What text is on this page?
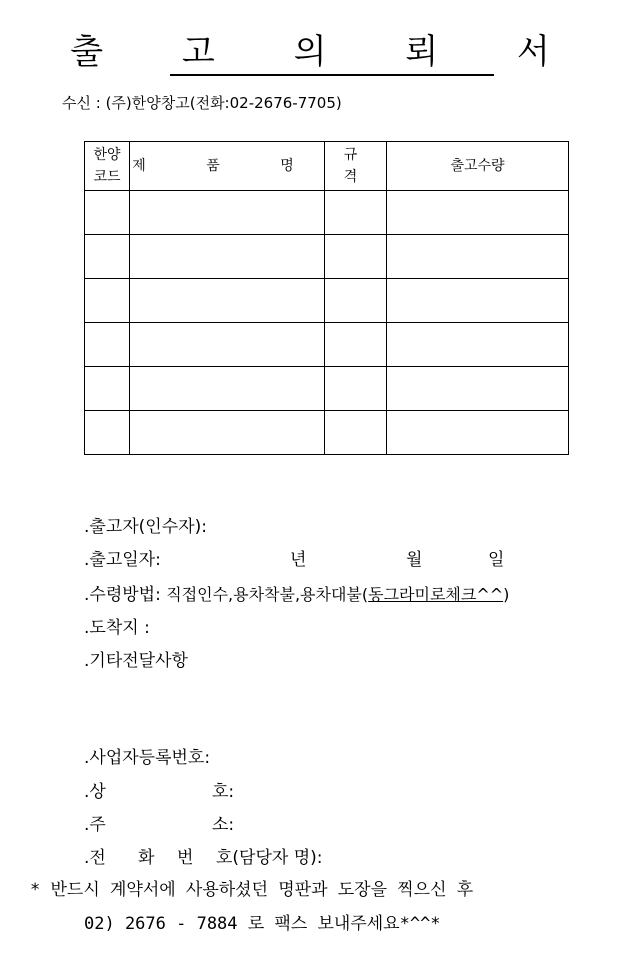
출 고 의 뢰 서
수신 : (주)한양창고(전화:02-2676-7705)
한양
코드	제 품 명	규 격	출고수량

.출고자(인수자):
.출고일자:	년	월	일
.수령방법: 직접인수,용차착불,용차대불(동그라미로체크^^)
.도착지 :
.기타전달사항
.사업자등록번호:
.상	호:
.주	소:
.전 화 번 호(담당자 명):
* 반드시 계약서에 사용하셨던 명판과 도장을 찍으신 후
02) 2676 - 7884 로 팩스 보내주세요*^^*
